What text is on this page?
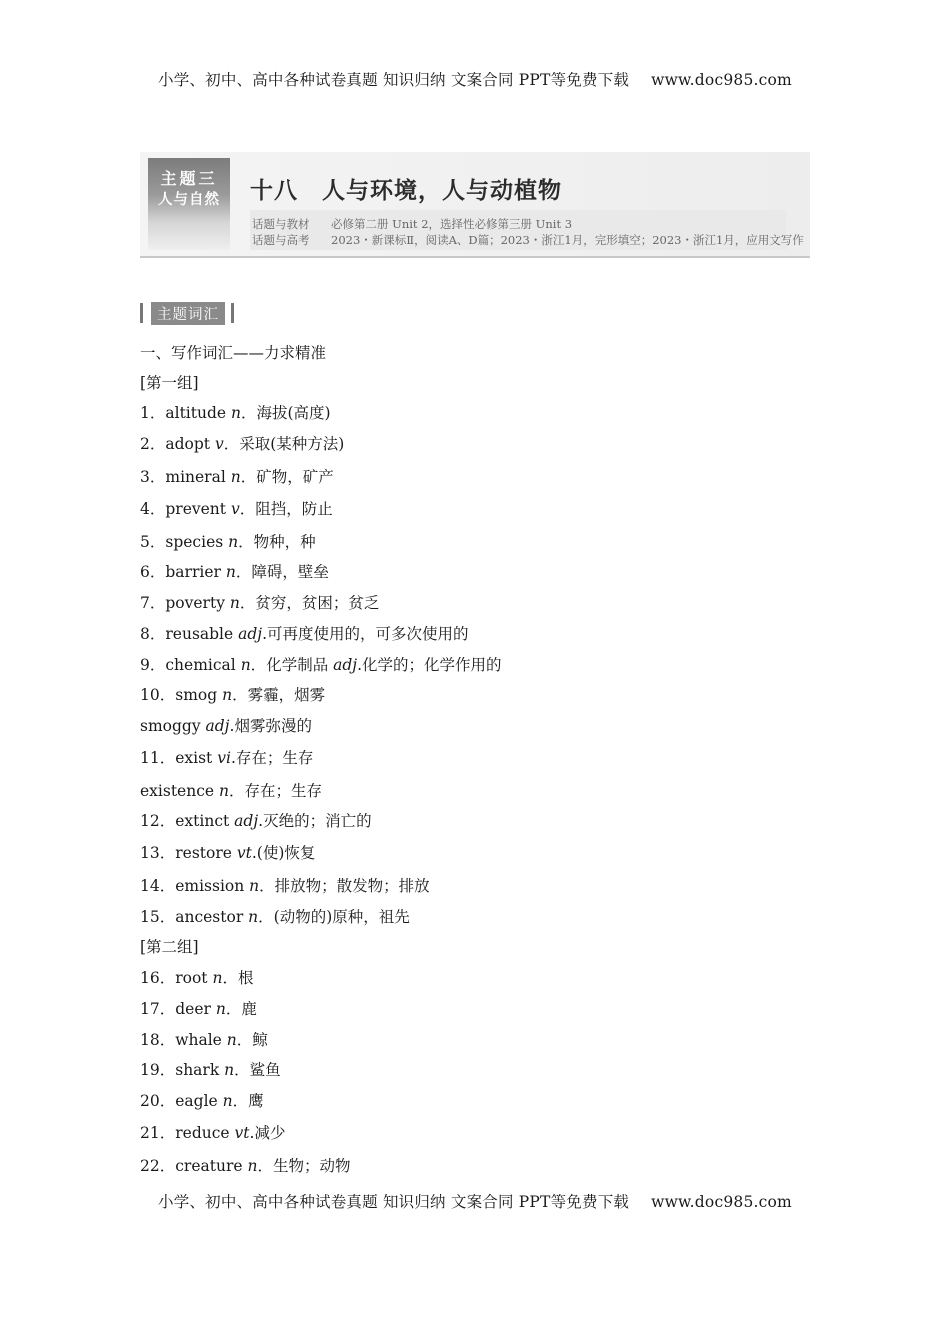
小学、初中、高中各种试卷真题 知识归纳 文案合同 PPT等免费下载 www.doc985.com
主题三
人与自然	十八 人与环境，人与动植物
话题与教材 必修第二册 Unit 2，选择性必修第三册 Unit 3
话题与高考 2023・新课标Ⅱ，阅读A、D篇；2023・浙江1月，完形填空；2023・浙江1月，应用文写作
主题词汇
一、写作词汇——力求精准
[第一组]
[第二组]
1．altitude n．海拔(高度)
2．adopt v．采取(某种方法)
3．mineral n．矿物，矿产
4．prevent v．阻挡，防止
5．species n．物种，种
6．barrier n．障碍，壁垒
7．poverty n．贫穷，贫困；贫乏
8．reusable adj.可再度使用的，可多次使用的
9．chemical n．化学制品 adj.化学的；化学作用的
10．smog n．雾霾，烟雾
smoggy adj.烟雾弥漫的
11．exist vi.存在；生存
existence n．存在；生存
12．extinct adj.灭绝的；消亡的
13．restore vt.(使)恢复
14．emission n．排放物；散发物；排放
15．ancestor n．(动物的)原种，祖先
16．root n．根
17．deer n．鹿
18．whale n．鲸
19．shark n．鲨鱼
20．eagle n．鹰
21．reduce vt.减少
22．creature n．生物；动物
小学、初中、高中各种试卷真题 知识归纳 文案合同 PPT等免费下载 www.doc985.com
